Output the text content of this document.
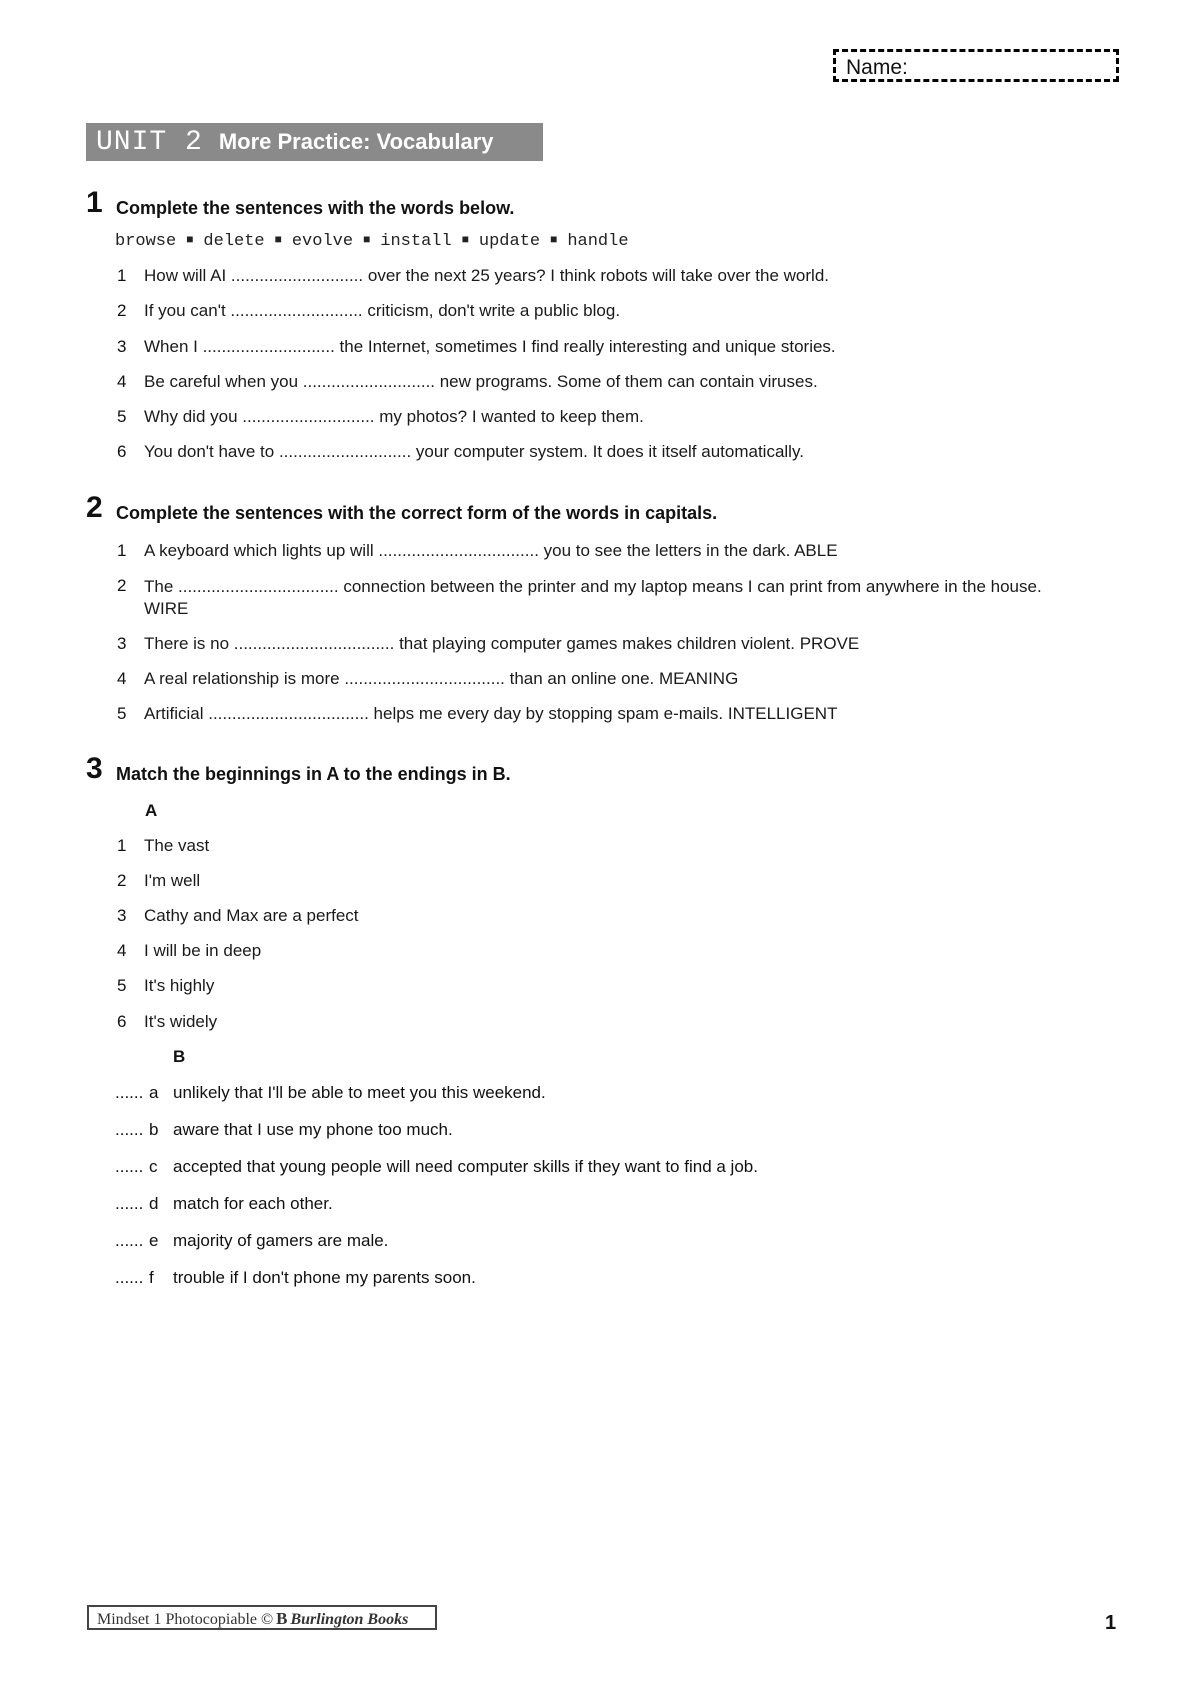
Name:
UNIT 2 More Practice: Vocabulary
1 Complete the sentences with the words below.
browse ■ delete ■ evolve ■ install ■ update ■ handle
1 How will AI ............................ over the next 25 years? I think robots will take over the world.
2 If you can't ............................ criticism, don't write a public blog.
3 When I ............................ the Internet, sometimes I find really interesting and unique stories.
4 Be careful when you ............................ new programs. Some of them can contain viruses.
5 Why did you ............................ my photos? I wanted to keep them.
6 You don't have to ............................ your computer system. It does it itself automatically.
2 Complete the sentences with the correct form of the words in capitals.
1 A keyboard which lights up will .................................. you to see the letters in the dark. ABLE
2 The .................................. connection between the printer and my laptop means I can print from anywhere in the house. WIRE
3 There is no .................................. that playing computer games makes children violent. PROVE
4 A real relationship is more .................................. than an online one. MEANING
5 Artificial .................................. helps me every day by stopping spam e-mails. INTELLIGENT
3 Match the beginnings in A to the endings in B.
A
1 The vast
2 I'm well
3 Cathy and Max are a perfect
4 I will be in deep
5 It's highly
6 It's widely
B
...... a unlikely that I'll be able to meet you this weekend.
...... b aware that I use my phone too much.
...... c accepted that young people will need computer skills if they want to find a job.
...... d match for each other.
...... e majority of gamers are male.
...... f trouble if I don't phone my parents soon.
Mindset 1 Photocopiable © B Burlington Books	1
